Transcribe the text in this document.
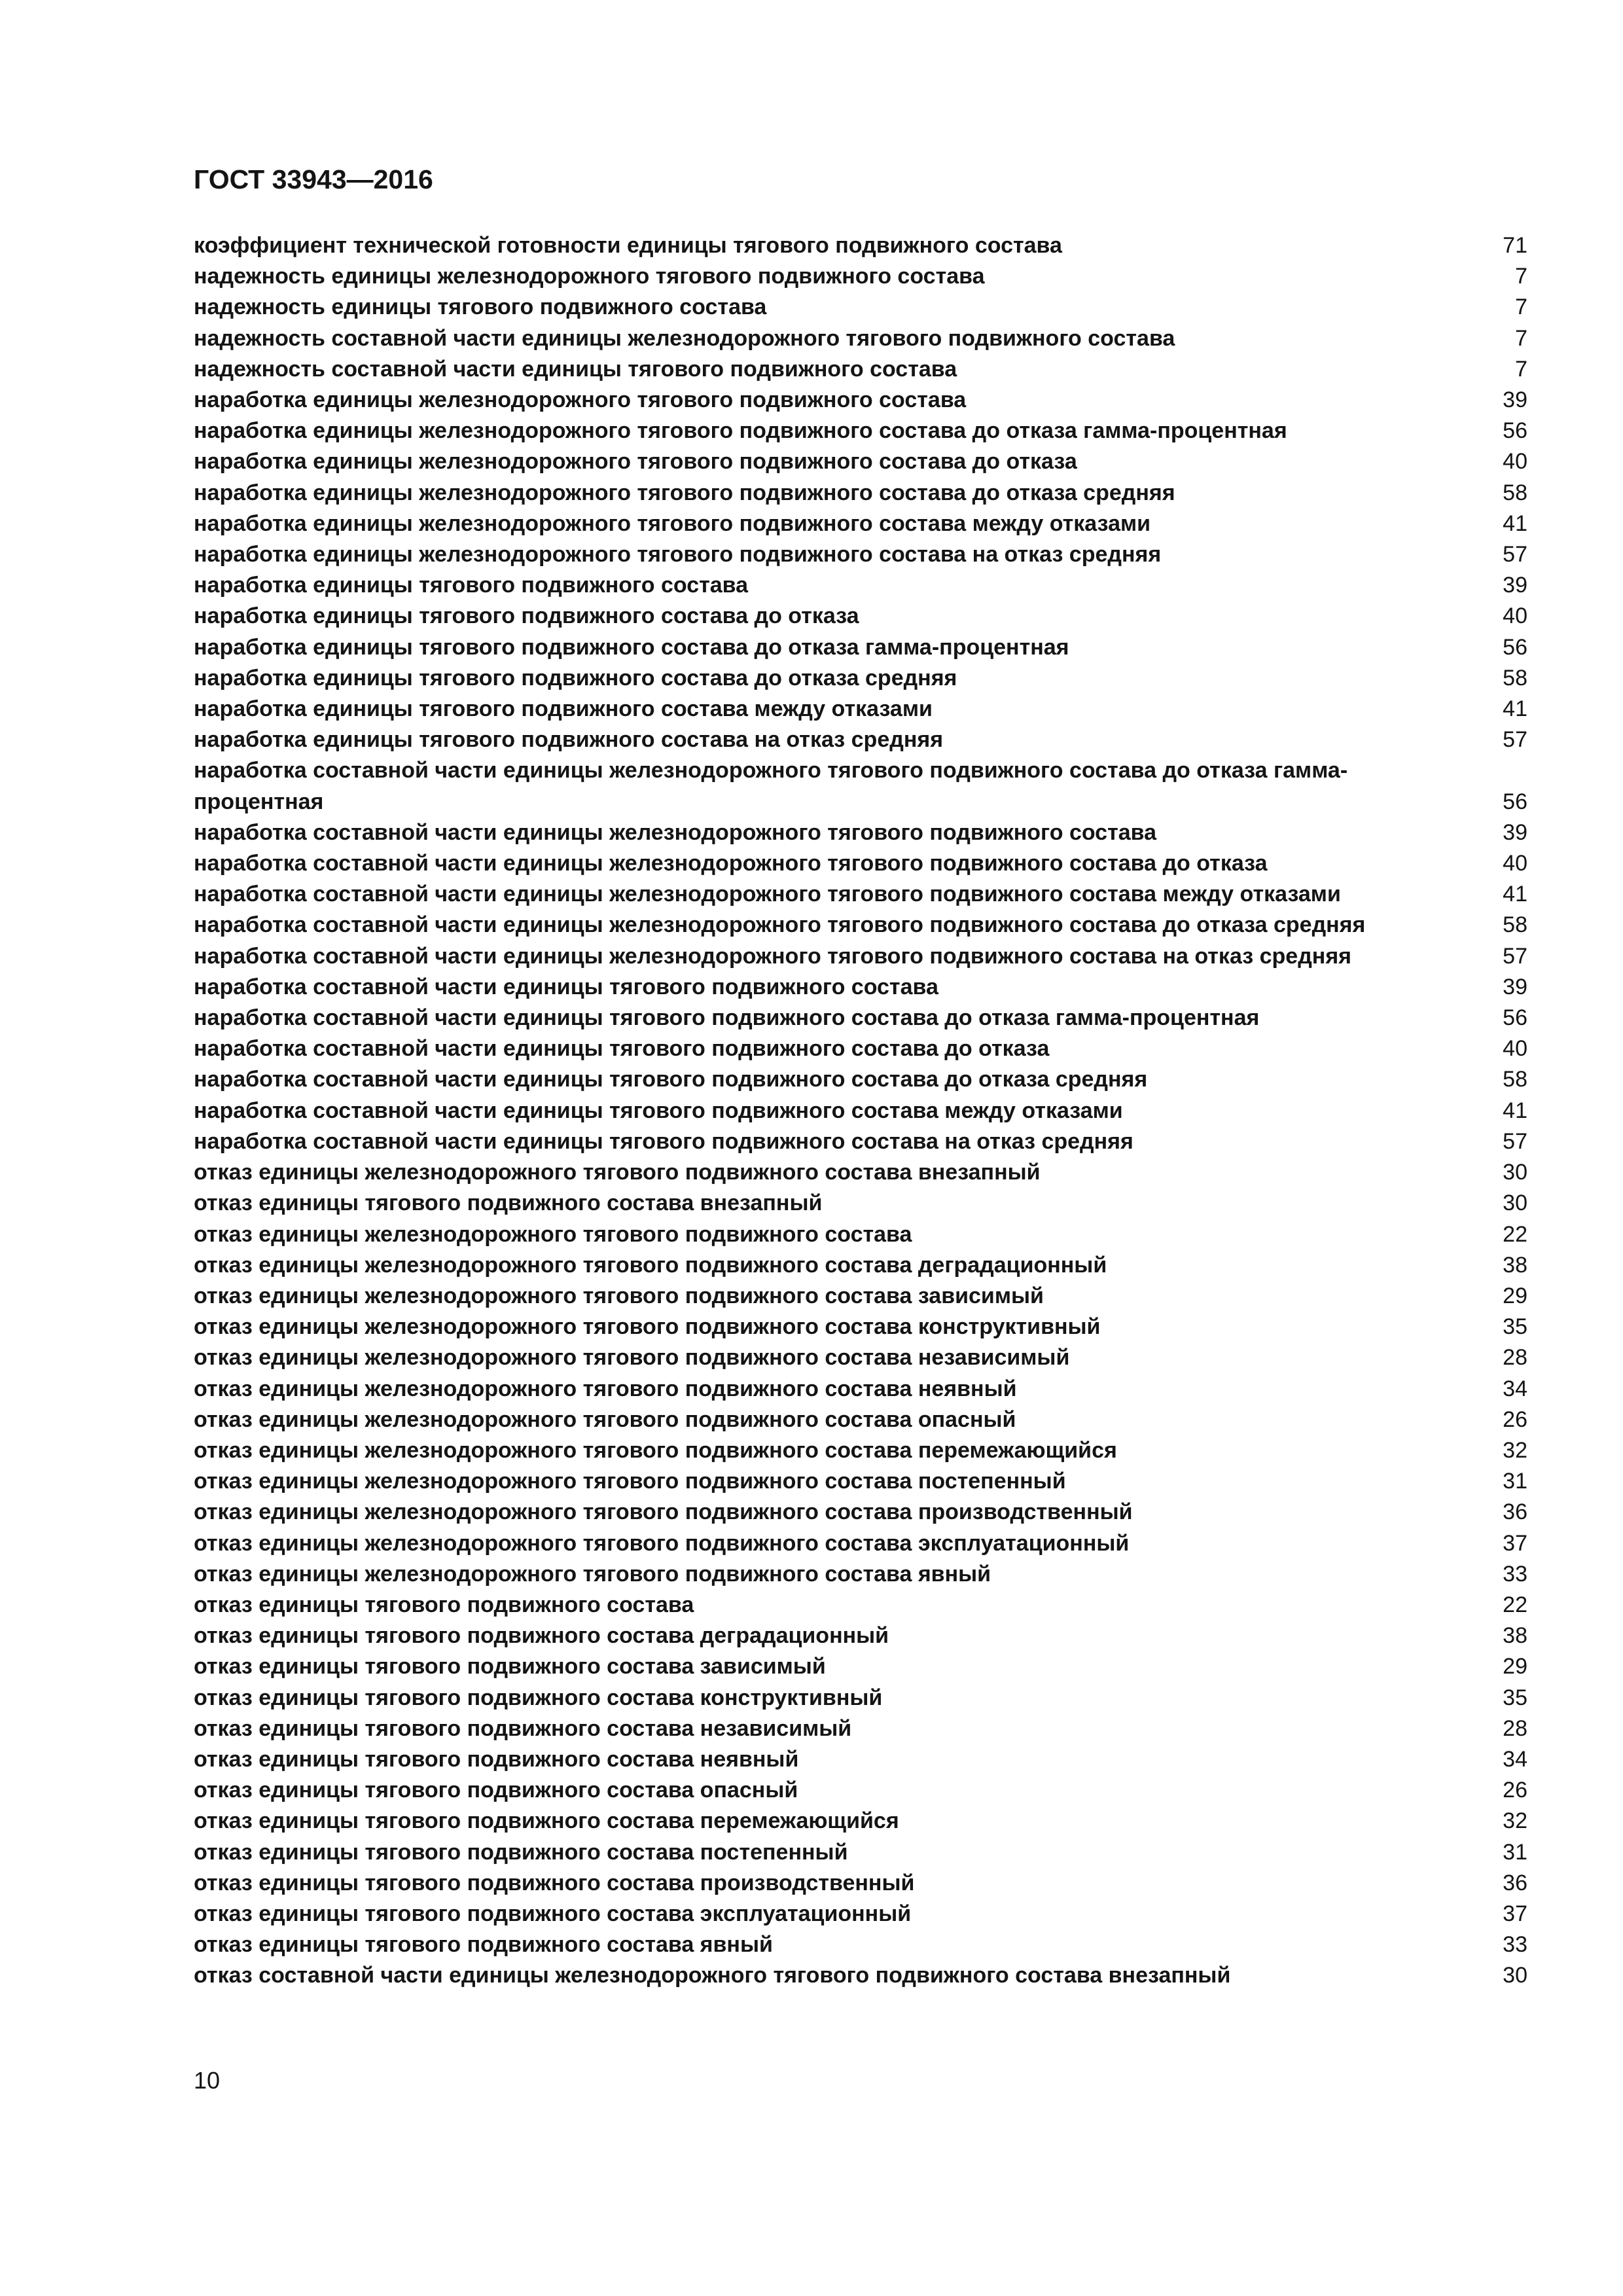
ГОСТ 33943—2016
коэффициент технической готовности единицы тягового подвижного состава	71
надежность единицы железнодорожного тягового подвижного состава	7
надежность единицы тягового подвижного состава	7
надежность составной части единицы железнодорожного тягового подвижного состава	7
надежность составной части единицы тягового подвижного состава	7
наработка единицы железнодорожного тягового подвижного состава	39
наработка единицы железнодорожного тягового подвижного состава до отказа гамма-процентная	56
наработка единицы железнодорожного тягового подвижного состава до отказа	40
наработка единицы железнодорожного тягового подвижного состава до отказа средняя	58
наработка единицы железнодорожного тягового подвижного состава между отказами	41
наработка единицы железнодорожного тягового подвижного состава на отказ средняя	57
наработка единицы тягового подвижного состава	39
наработка единицы тягового подвижного состава до отказа	40
наработка единицы тягового подвижного состава до отказа гамма-процентная	56
наработка единицы тягового подвижного состава до отказа средняя	58
наработка единицы тягового подвижного состава между отказами	41
наработка единицы тягового подвижного состава на отказ средняя	57
наработка составной части единицы железнодорожного тягового подвижного состава до отказа гамма-процентная	56
наработка составной части единицы железнодорожного тягового подвижного состава	39
наработка составной части единицы железнодорожного тягового подвижного состава до отказа	40
наработка составной части единицы железнодорожного тягового подвижного состава между отказами	41
наработка составной части единицы железнодорожного тягового подвижного состава до отказа средняя	58
наработка составной части единицы железнодорожного тягового подвижного состава на отказ средняя	57
наработка составной части единицы тягового подвижного состава	39
наработка составной части единицы тягового подвижного состава до отказа гамма-процентная	56
наработка составной части единицы тягового подвижного состава до отказа	40
наработка составной части единицы тягового подвижного состава до отказа средняя	58
наработка составной части единицы тягового подвижного состава между отказами	41
наработка составной части единицы тягового подвижного состава на отказ средняя	57
отказ единицы железнодорожного тягового подвижного состава внезапный	30
отказ единицы тягового подвижного состава внезапный	30
отказ единицы железнодорожного тягового подвижного состава	22
отказ единицы железнодорожного тягового подвижного состава деградационный	38
отказ единицы железнодорожного тягового подвижного состава зависимый	29
отказ единицы железнодорожного тягового подвижного состава конструктивный	35
отказ единицы железнодорожного тягового подвижного состава независимый	28
отказ единицы железнодорожного тягового подвижного состава неявный	34
отказ единицы железнодорожного тягового подвижного состава опасный	26
отказ единицы железнодорожного тягового подвижного состава перемежающийся	32
отказ единицы железнодорожного тягового подвижного состава постепенный	31
отказ единицы железнодорожного тягового подвижного состава производственный	36
отказ единицы железнодорожного тягового подвижного состава эксплуатационный	37
отказ единицы железнодорожного тягового подвижного состава явный	33
отказ единицы тягового подвижного состава	22
отказ единицы тягового подвижного состава деградационный	38
отказ единицы тягового подвижного состава зависимый	29
отказ единицы тягового подвижного состава конструктивный	35
отказ единицы тягового подвижного состава независимый	28
отказ единицы тягового подвижного состава неявный	34
отказ единицы тягового подвижного состава опасный	26
отказ единицы тягового подвижного состава перемежающийся	32
отказ единицы тягового подвижного состава постепенный	31
отказ единицы тягового подвижного состава производственный	36
отказ единицы тягового подвижного состава эксплуатационный	37
отказ единицы тягового подвижного состава явный	33
отказ составной части единицы железнодорожного тягового подвижного состава внезапный	30
10
